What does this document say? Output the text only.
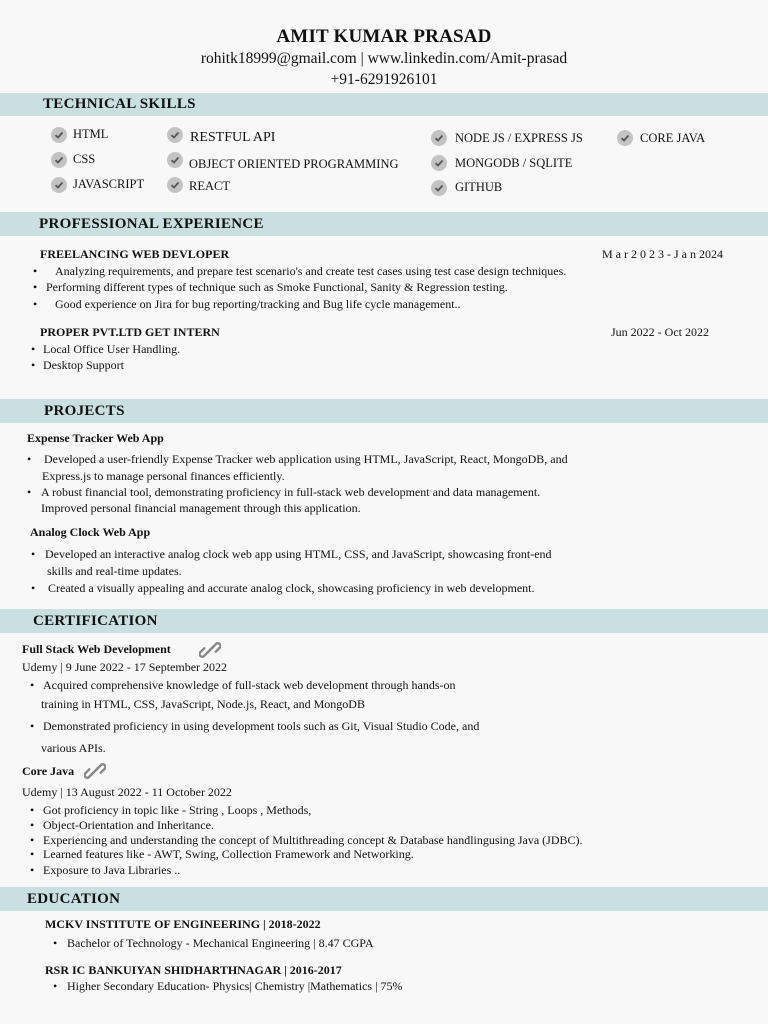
AMIT KUMAR PRASAD
rohitk18999@gmail.com | www.linkedin.com/Amit-prasad
+91-6291926101
TECHNICAL SKILLS
HTML
CSS
JAVASCRIPT
RESTFUL API
OBJECT ORIENTED PROGRAMMING
REACT
NODE JS / EXPRESS JS
MONGODB / SQLITE
GITHUB
CORE JAVA
PROFESSIONAL EXPERIENCE
FREELANCING WEB DEVLOPER	M a r 2 0 2 3 - J a n 2024
• Analyzing requirements, and prepare test scenario's and create test cases using test case design techniques.
• Performing different types of technique such as Smoke Functional, Sanity & Regression testing.
• Good experience on Jira for bug reporting/tracking and Bug life cycle management..
PROPER PVT.LTD GET INTERN	Jun 2022 - Oct 2022
• Local Office User Handling.
• Desktop Support
PROJECTS
Expense Tracker Web App
• Developed a user-friendly Expense Tracker web application using HTML, JavaScript, React, MongoDB, and
Express.js to manage personal finances efficiently.
• A robust financial tool, demonstrating proficiency in full-stack web development and data management.
Improved personal financial management through this application.
Analog Clock Web App
• Developed an interactive analog clock web app using HTML, CSS, and JavaScript, showcasing front-end
skills and real-time updates.
• Created a visually appealing and accurate analog clock, showcasing proficiency in web development.
CERTIFICATION
Full Stack Web Development
Udemy | 9 June 2022 - 17 September 2022
• Acquired comprehensive knowledge of full-stack web development through hands-on
training in HTML, CSS, JavaScript, Node.js, React, and MongoDB
• Demonstrated proficiency in using development tools such as Git, Visual Studio Code, and
various APIs.
Core Java
Udemy | 13 August 2022 - 11 October 2022
• Got proficiency in topic like - String , Loops , Methods,
• Object-Orientation and Inheritance.
• Experiencing and understanding the concept of Multithreading concept & Database handlingusing Java (JDBC).
• Learned features like - AWT, Swing, Collection Framework and Networking.
• Exposure to Java Libraries ..
EDUCATION
MCKV INSTITUTE OF ENGINEERING | 2018-2022
• Bachelor of Technology - Mechanical Engineering | 8.47 CGPA
RSR IC BANKUIYAN SHIDHARTHNAGAR | 2016-2017
• Higher Secondary Education- Physics| Chemistry |Mathematics | 75%
